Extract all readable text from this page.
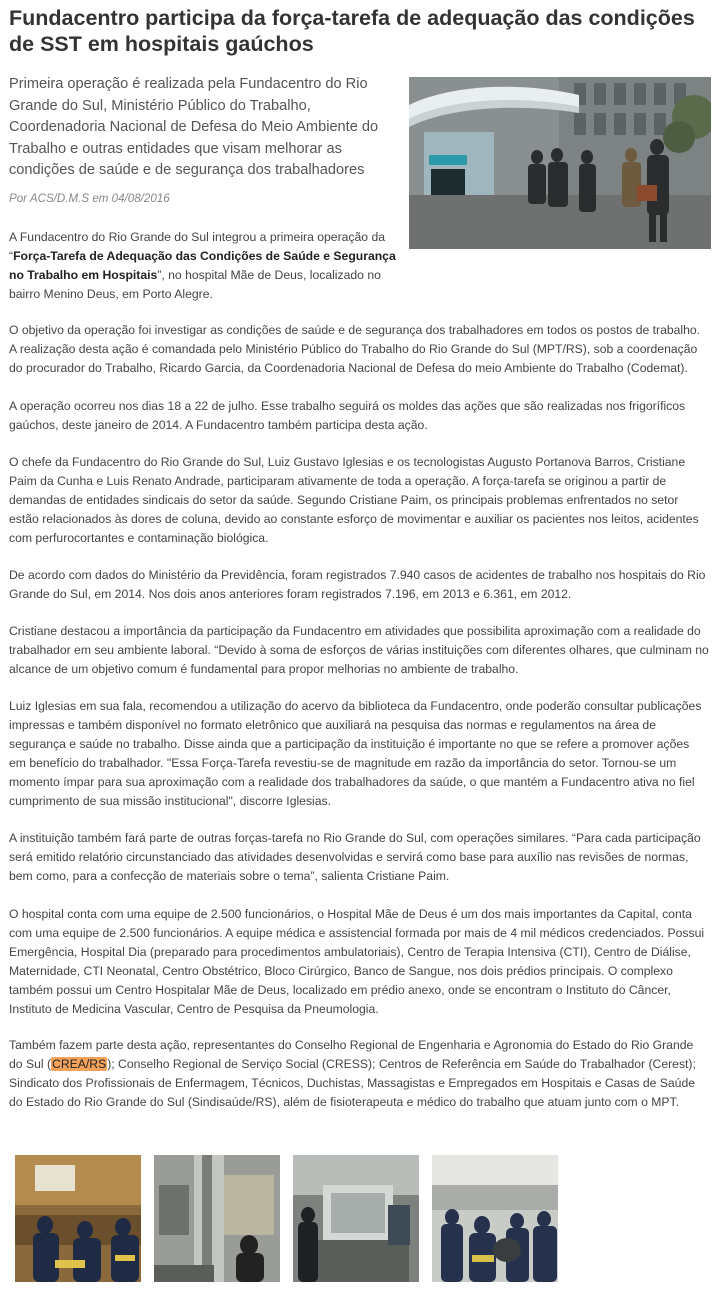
Fundacentro participa da força-tarefa de adequação das condições de SST em hospitais gaúchos

Primeira operação é realizada pela Fundacentro do Rio Grande do Sul, Ministério Público do Trabalho, Coordenadoria Nacional de Defesa do Meio Ambiente do Trabalho e outras entidades que visam melhorar as condições de saúde e de segurança dos trabalhadores

Por ACS/D.M.S em 04/08/2016

A Fundacentro do Rio Grande do Sul integrou a primeira operação da “Força-Tarefa de Adequação das Condições de Saúde e Segurança no Trabalho em Hospitais”, no hospital Mãe de Deus, localizado no bairro Menino Deus, em Porto Alegre.

O objetivo da operação foi investigar as condições de saúde e de segurança dos trabalhadores em todos os postos de trabalho. A realização desta ação é comandada pelo Ministério Público do Trabalho do Rio Grande do Sul (MPT/RS), sob a coordenação do procurador do Trabalho, Ricardo Garcia, da Coordenadoria Nacional de Defesa do meio Ambiente do Trabalho (Codemat).

A operação ocorreu nos dias 18 a 22 de julho. Esse trabalho seguirá os moldes das ações que são realizadas nos frigoríficos gaúchos, deste janeiro de 2014. A Fundacentro também participa desta ação.

O chefe da Fundacentro do Rio Grande do Sul, Luiz Gustavo Iglesias e os tecnologistas Augusto Portanova Barros, Cristiane Paim da Cunha e Luis Renato Andrade, participaram ativamente de toda a operação. A força-tarefa se originou a partir de demandas de entidades sindicais do setor da saúde. Segundo Cristiane Paim, os principais problemas enfrentados no setor estão relacionados às dores de coluna, devido ao constante esforço de movimentar e auxiliar os pacientes nos leitos, acidentes com perfurocortantes e contaminação biológica.

De acordo com dados do Ministério da Previdência, foram registrados 7.940 casos de acidentes de trabalho nos hospitais do Rio Grande do Sul, em 2014. Nos dois anos anteriores foram registrados 7.196, em 2013 e 6.361, em 2012.

Cristiane destacou a importância da participação da Fundacentro em atividades que possibilita aproximação com a realidade do trabalhador em seu ambiente laboral. “Devido à soma de esforços de várias instituições com diferentes olhares, que culminam no alcance de um objetivo comum é fundamental para propor melhorias no ambiente de trabalho.

Luiz Iglesias em sua fala, recomendou a utilização do acervo da biblioteca da Fundacentro, onde poderão consultar publicações impressas e também disponível no formato eletrônico que auxiliará na pesquisa das normas e regulamentos na área de segurança e saúde no trabalho. Disse ainda que a participação da instituição é importante no que se refere a promover ações em benefício do trabalhador. "Essa Força-Tarefa revestiu-se de magnitude em razão da importância do setor. Tornou-se um momento ímpar para sua aproximação com a realidade dos trabalhadores da saúde, o que mantém a Fundacentro ativa no fiel cumprimento de sua missão institucional", discorre Iglesias.

A instituição também fará parte de outras forças-tarefa no Rio Grande do Sul, com operações similares. “Para cada participação será emitido relatório circunstanciado das atividades desenvolvidas e servirá como base para auxílio nas revisões de normas, bem como, para a confecção de materiais sobre o tema”, salienta Cristiane Paim.

O hospital conta com uma equipe de 2.500 funcionários, o Hospital Mãe de Deus é um dos mais importantes da Capital, conta com uma equipe de 2.500 funcionários. A equipe médica e assistencial formada por mais de 4 mil médicos credenciados. Possui Emergência, Hospital Dia (preparado para procedimentos ambulatoriais), Centro de Terapia Intensiva (CTI), Centro de Diálise, Maternidade, CTI Neonatal, Centro Obstétrico, Bloco Cirúrgico, Banco de Sangue, nos dois prédios principais. O complexo também possui um Centro Hospitalar Mãe de Deus, localizado em prédio anexo, onde se encontram o Instituto do Câncer, Instituto de Medicina Vascular, Centro de Pesquisa da Pneumologia.

Também fazem parte desta ação, representantes do Conselho Regional de Engenharia e Agronomia do Estado do Rio Grande do Sul (CREA/RS); Conselho Regional de Serviço Social (CRESS); Centros de Referência em Saúde do Trabalhador (Cerest); Sindicato dos Profissionais de Enfermagem, Técnicos, Duchistas, Massagistas e Empregados em Hospitais e Casas de Saúde do Estado do Rio Grande do Sul (Sindisaúde/RS), além de fisioterapeuta e médico do trabalho que atuam junto com o MPT.
